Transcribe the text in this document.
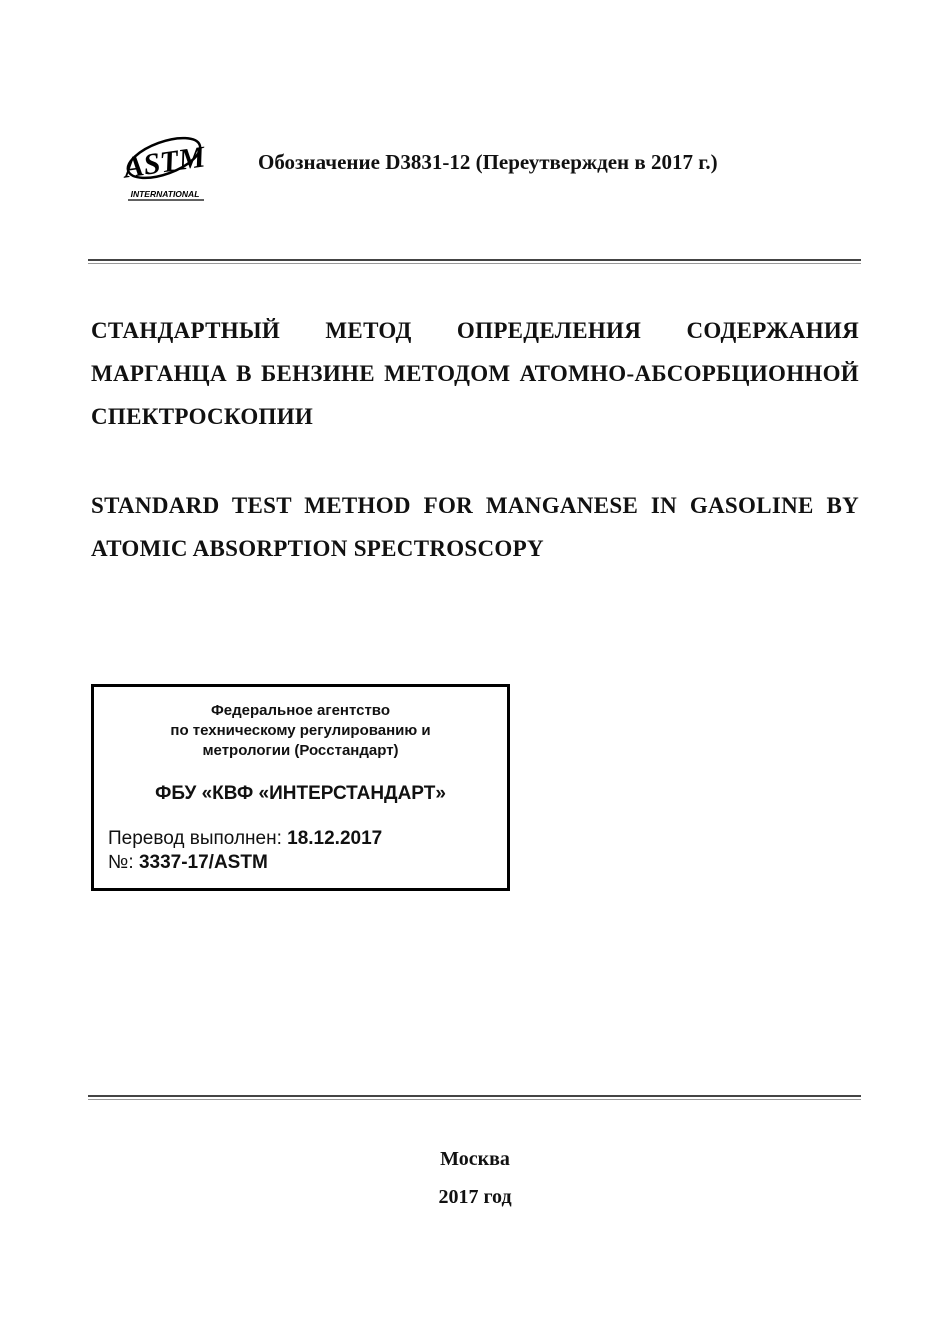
ASTM
INTERNATIONAL
Обозначение D3831-12 (Переутвержден в 2017 г.)
СТАНДАРТНЫЙ МЕТОД ОПРЕДЕЛЕНИЯ СОДЕРЖАНИЯ МАРГАНЦА В БЕНЗИНЕ МЕТОДОМ АТОМНО-АБСОРБЦИОННОЙ СПЕКТРОСКОПИИ
STANDARD TEST METHOD FOR MANGANESE IN GASOLINE BY ATOMIC ABSORPTION SPECTROSCOPY
Федеральное агентство
по техническому регулированию и
метрологии (Росстандарт)
ФБУ «КВФ «ИНТЕРСТАНДАРТ»
Перевод выполнен: 18.12.2017
№: 3337-17/ASTM
Москва
2017 год
